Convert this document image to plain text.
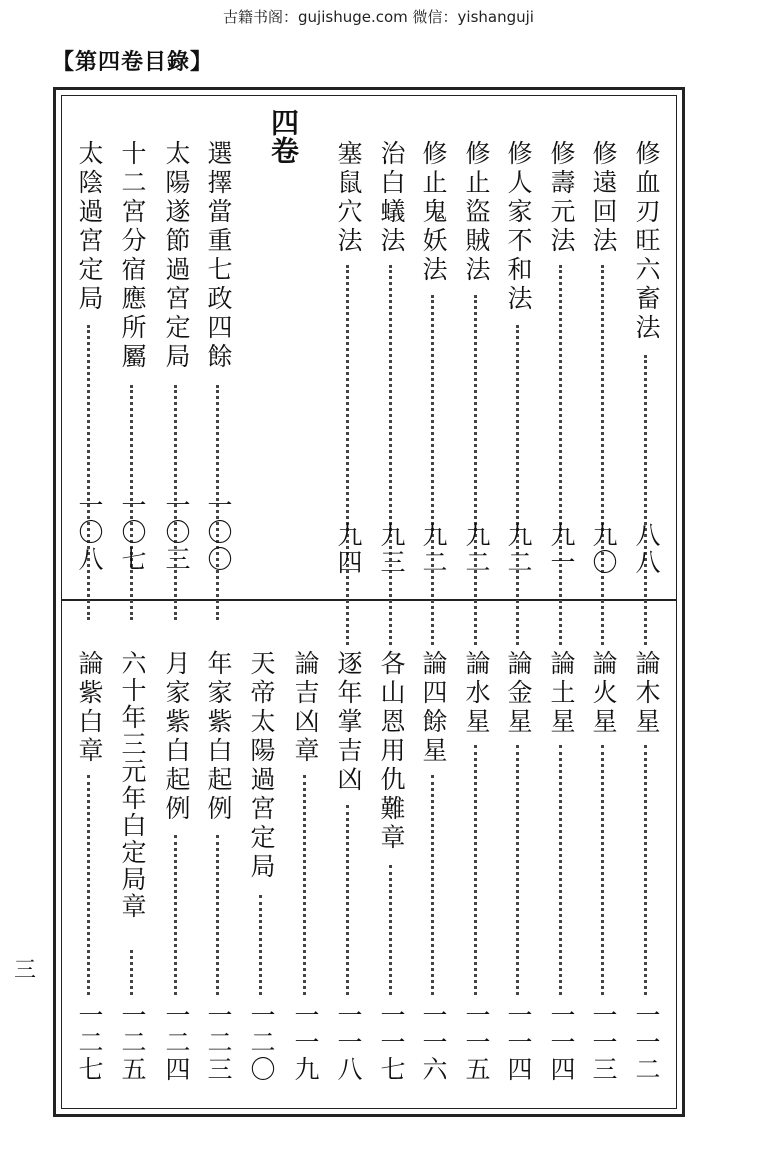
古籍书阁：gujishuge.com 微信：yishanguji
【第四卷目錄】
四卷
修血刃旺六畜法
八八
修遠回法
九〇
修壽元法
九一
修人家不和法
九二
修止盜賊法
九二
修止鬼妖法
九二
治白蟻法
九三
塞鼠穴法
九四
選擇當重七政四餘
一〇〇
太陽遂節過宮定局
一〇三
十二宮分宿應所屬
一〇七
太陰過宮定局
一〇八
論木星
一一二
論火星
一一三
論土星
一一四
論金星
一一四
論水星
一一五
論四餘星
一一六
各山恩用仇難章
一一七
逐年掌吉凶
一一八
論吉凶章
一一九
天帝太陽過宮定局
一二〇
年家紫白起例
一二三
月家紫白起例
一二四
六十年三元年白定局章
一二五
論紫白章
一二七
三
